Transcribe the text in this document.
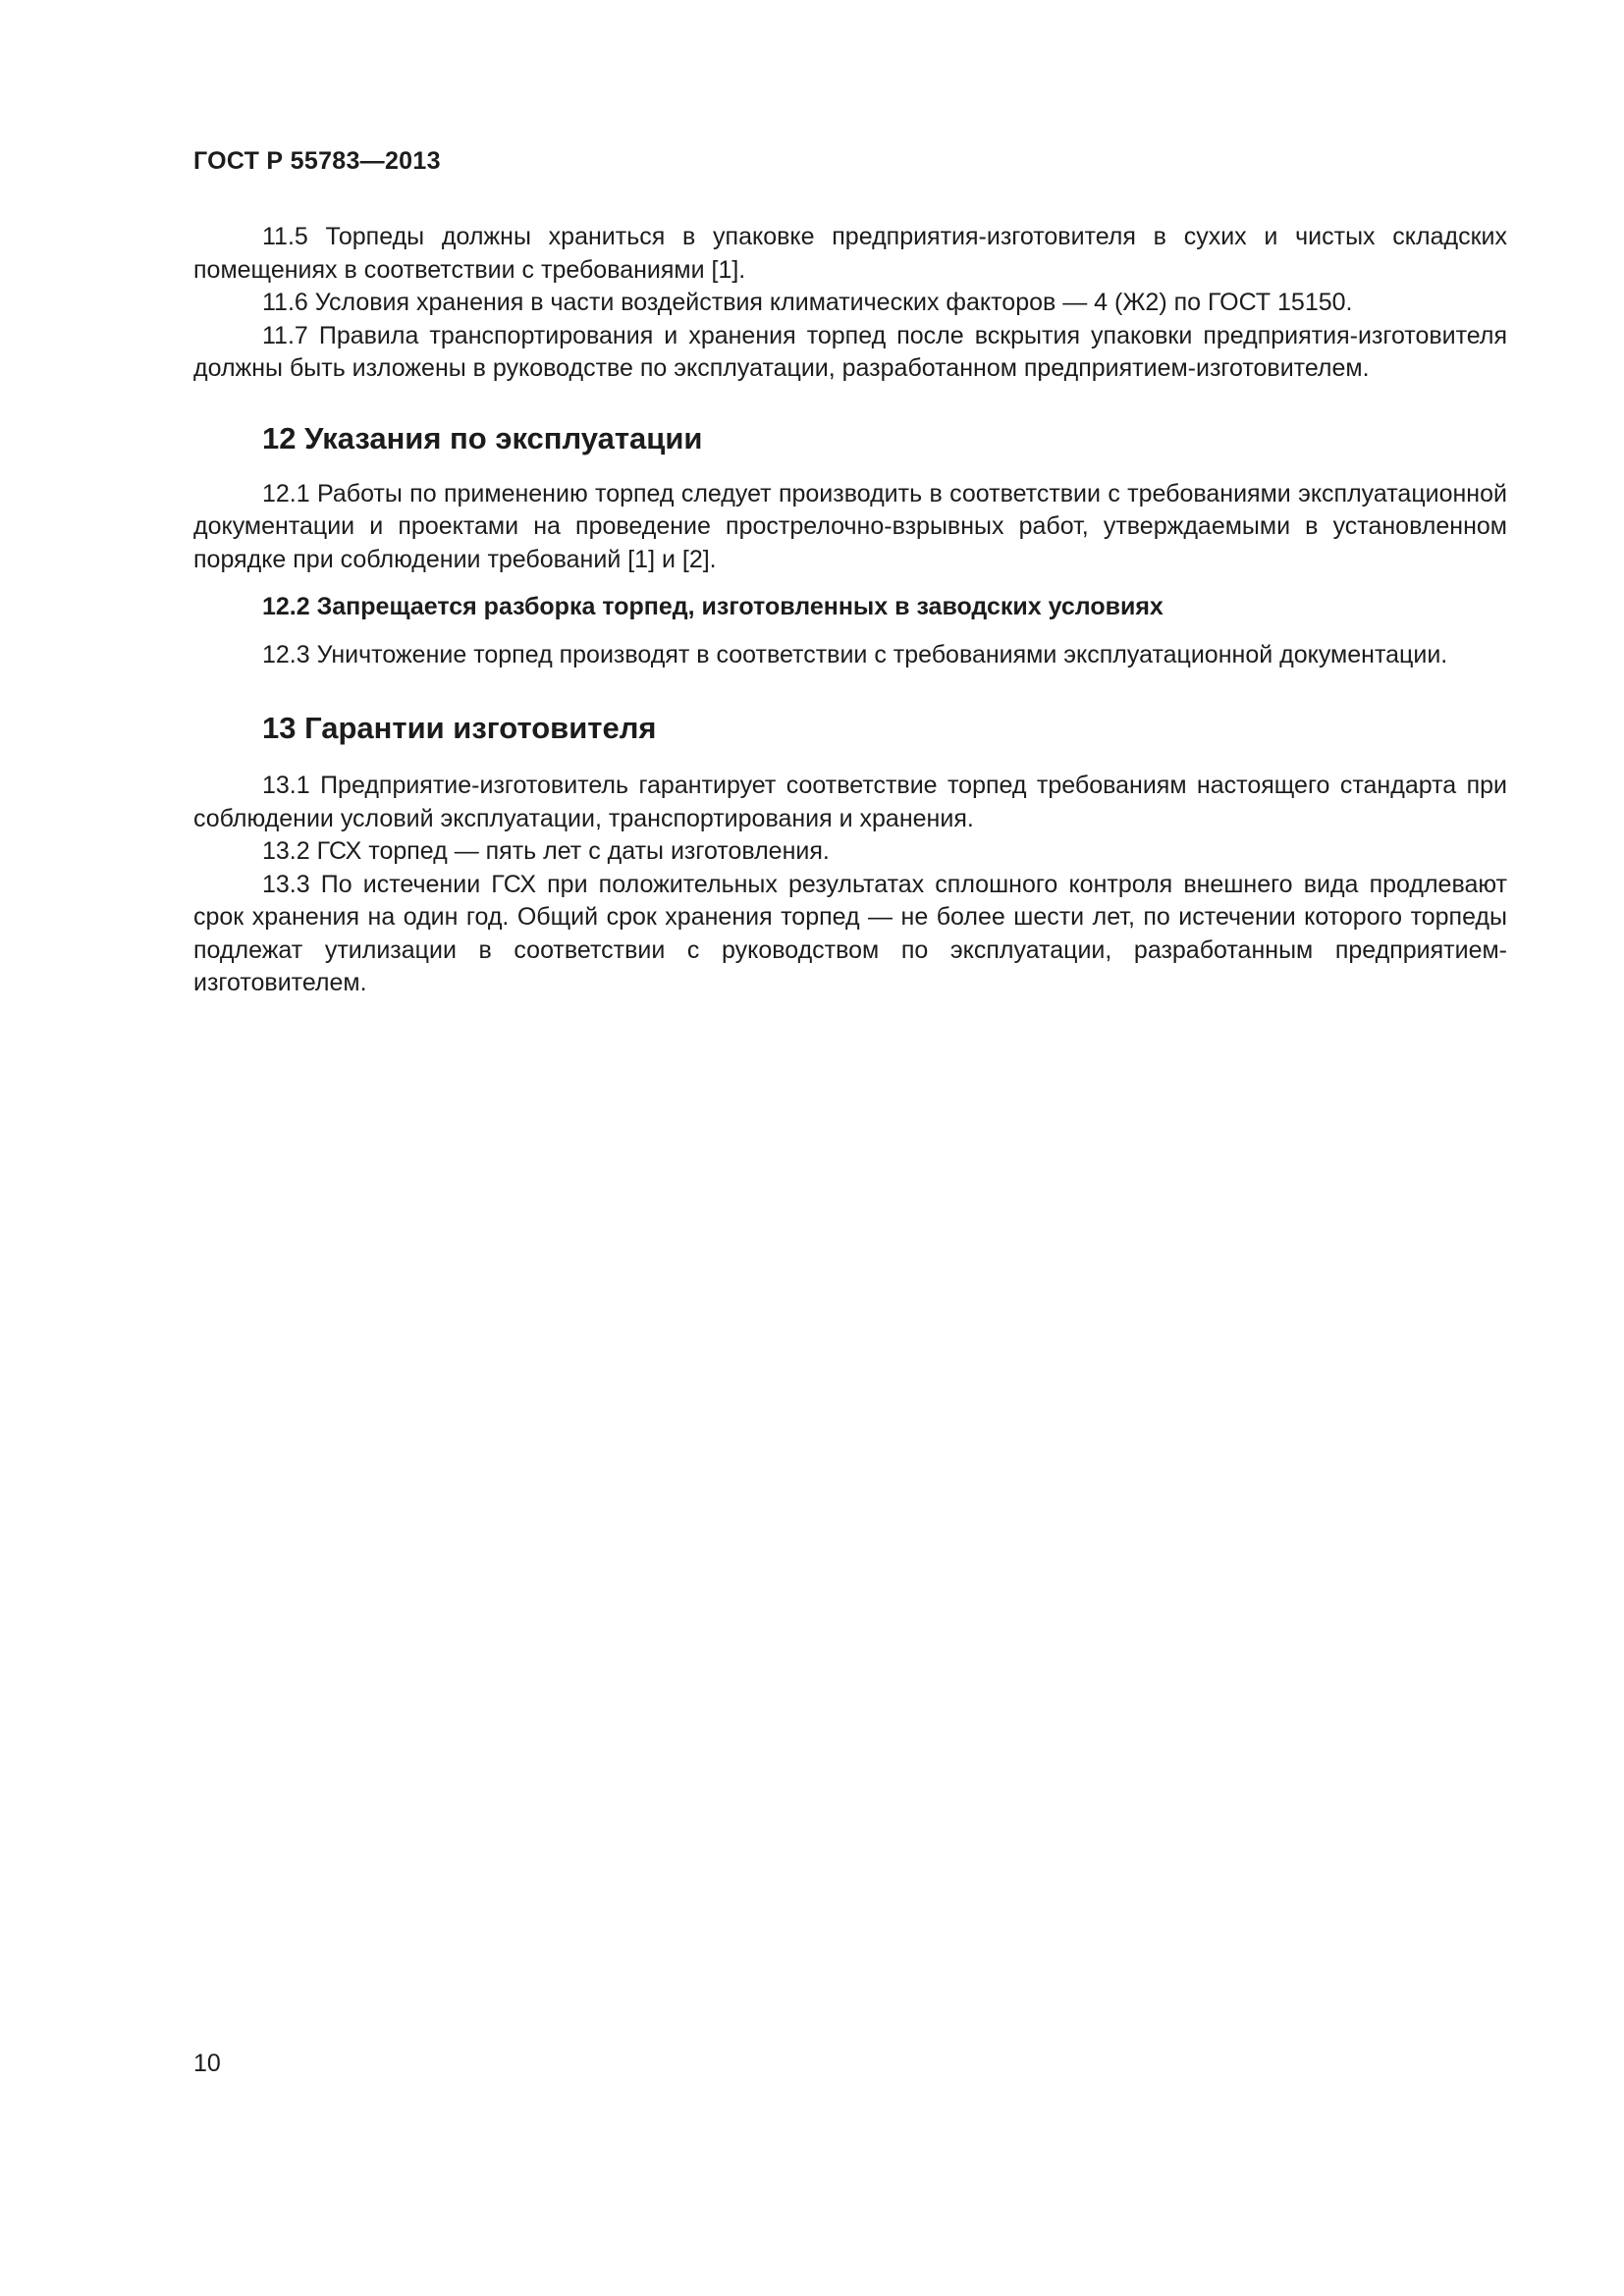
ГОСТ Р 55783—2013

11.5 Торпеды должны храниться в упаковке предприятия-изготовителя в сухих и чистых складских помещениях в соответствии с требованиями [1].

11.6 Условия хранения в части воздействия климатических факторов — 4 (Ж2) по ГОСТ 15150.

11.7 Правила транспортирования и хранения торпед после вскрытия упаковки предприятия-изготовителя должны быть изложены в руководстве по эксплуатации, разработанном предприятием-изготовителем.

12 Указания по эксплуатации

12.1 Работы по применению торпед следует производить в соответствии с требованиями эксплуатационной документации и проектами на проведение прострелочно-взрывных работ, утверждаемыми в установленном порядке при соблюдении требований [1] и [2].

12.2 Запрещается разборка торпед, изготовленных в заводских условиях

12.3 Уничтожение торпед производят в соответствии с требованиями эксплуатационной документации.

13 Гарантии изготовителя

13.1 Предприятие-изготовитель гарантирует соответствие торпед требованиям настоящего стандарта при соблюдении условий эксплуатации, транспортирования и хранения.

13.2 ГСХ торпед — пять лет с даты изготовления.

13.3 По истечении ГСХ при положительных результатах сплошного контроля внешнего вида продлевают срок хранения на один год. Общий срок хранения торпед — не более шести лет, по истечении которого торпеды подлежат утилизации в соответствии с руководством по эксплуатации, разработанным предприятием-изготовителем.

10
